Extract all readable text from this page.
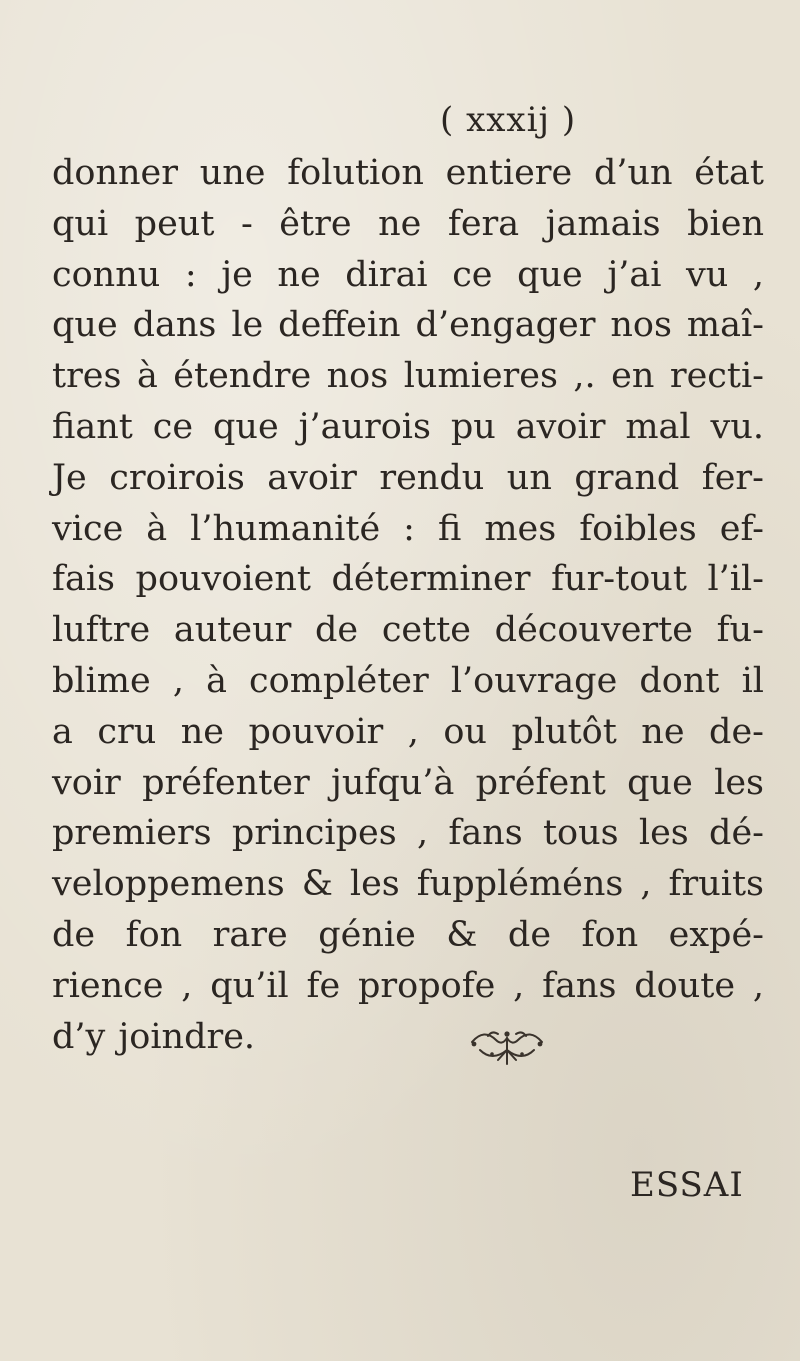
( xxxij )
donner une folution entiere d’un état
qui peut - être ne fera jamais bien
connu : je ne dirai ce que j’ai vu ,
que dans le deffein d’engager nos maî-
tres à étendre nos lumieres ,. en recti-
fiant ce que j’aurois pu avoir mal vu.
Je croirois avoir rendu un grand fer-
vice à l’humanité : fi mes foibles ef-
fais pouvoient déterminer fur-tout l’il-
luftre auteur de cette découverte fu-
blime , à compléter l’ouvrage dont il
a cru ne pouvoir , ou plutôt ne de-
voir préfenter jufqu’à préfent que les
premiers principes , fans tous les dé-
veloppemens & les fuppléméns , fruits
de fon rare génie & de fon expé-
rience , qu’il fe propofe , fans doute ,
d’y joindre.
ESSAI
